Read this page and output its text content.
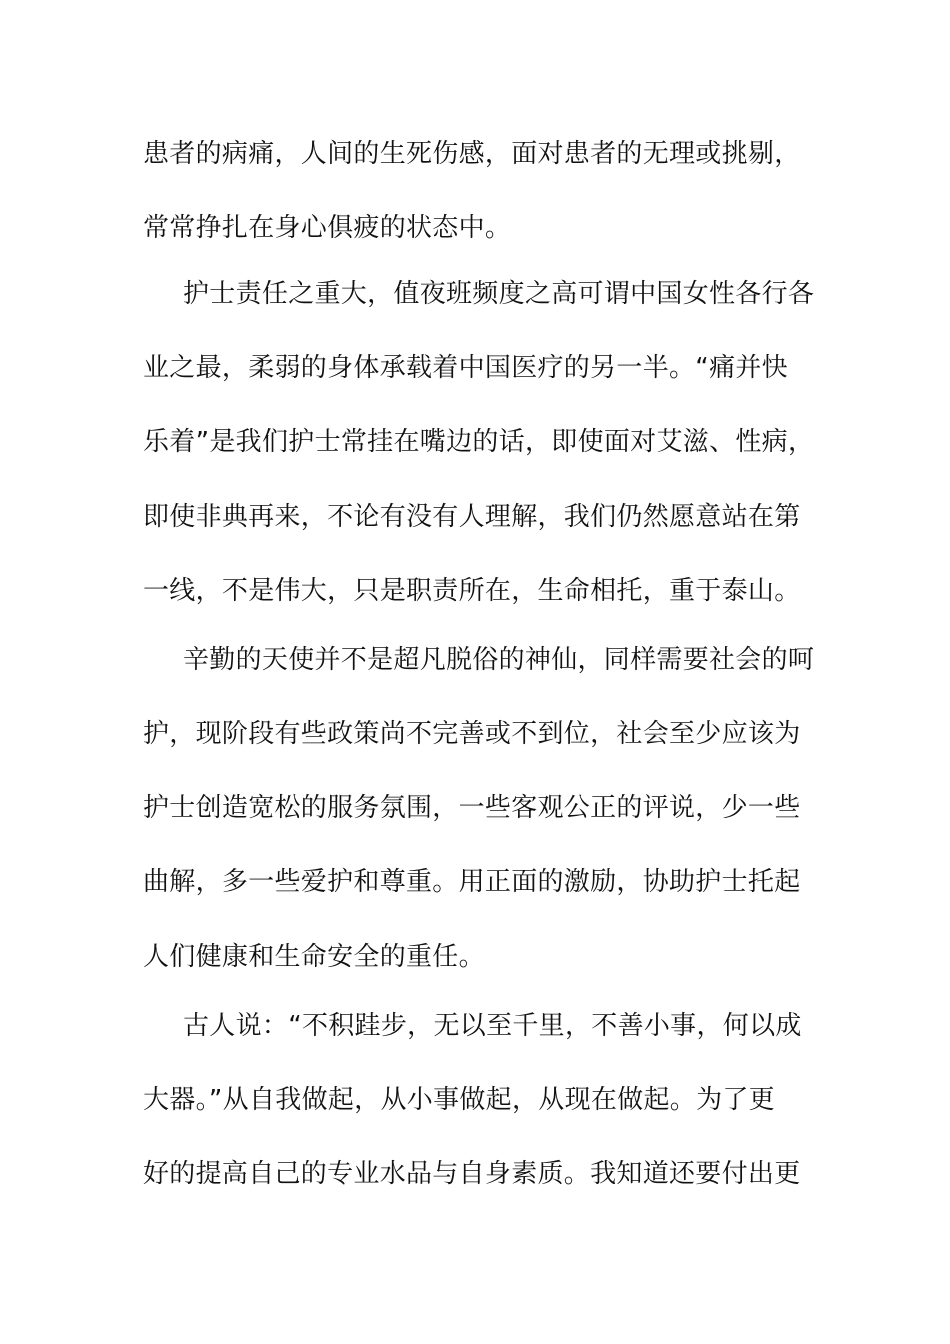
患者的病痛，人间的生死伤感，面对患者的无理或挑剔，
常常挣扎在身心俱疲的状态中。
护士责任之重大，值夜班频度之高可谓中国女性各行各
业之最，柔弱的身体承载着中国医疗的另一半。“痛并快
乐着”是我们护士常挂在嘴边的话，即使面对艾滋、性病，
即使非典再来，不论有没有人理解，我们仍然愿意站在第
一线，不是伟大，只是职责所在，生命相托，重于泰山。
辛勤的天使并不是超凡脱俗的神仙，同样需要社会的呵
护，现阶段有些政策尚不完善或不到位，社会至少应该为
护士创造宽松的服务氛围，一些客观公正的评说，少一些
曲解，多一些爱护和尊重。用正面的激励，协助护士托起
人们健康和生命安全的重任。
古人说：“不积跬步，无以至千里，不善小事，何以成
大器。”从自我做起，从小事做起，从现在做起。为了更
好的提高自己的专业水品与自身素质。我知道还要付出更
